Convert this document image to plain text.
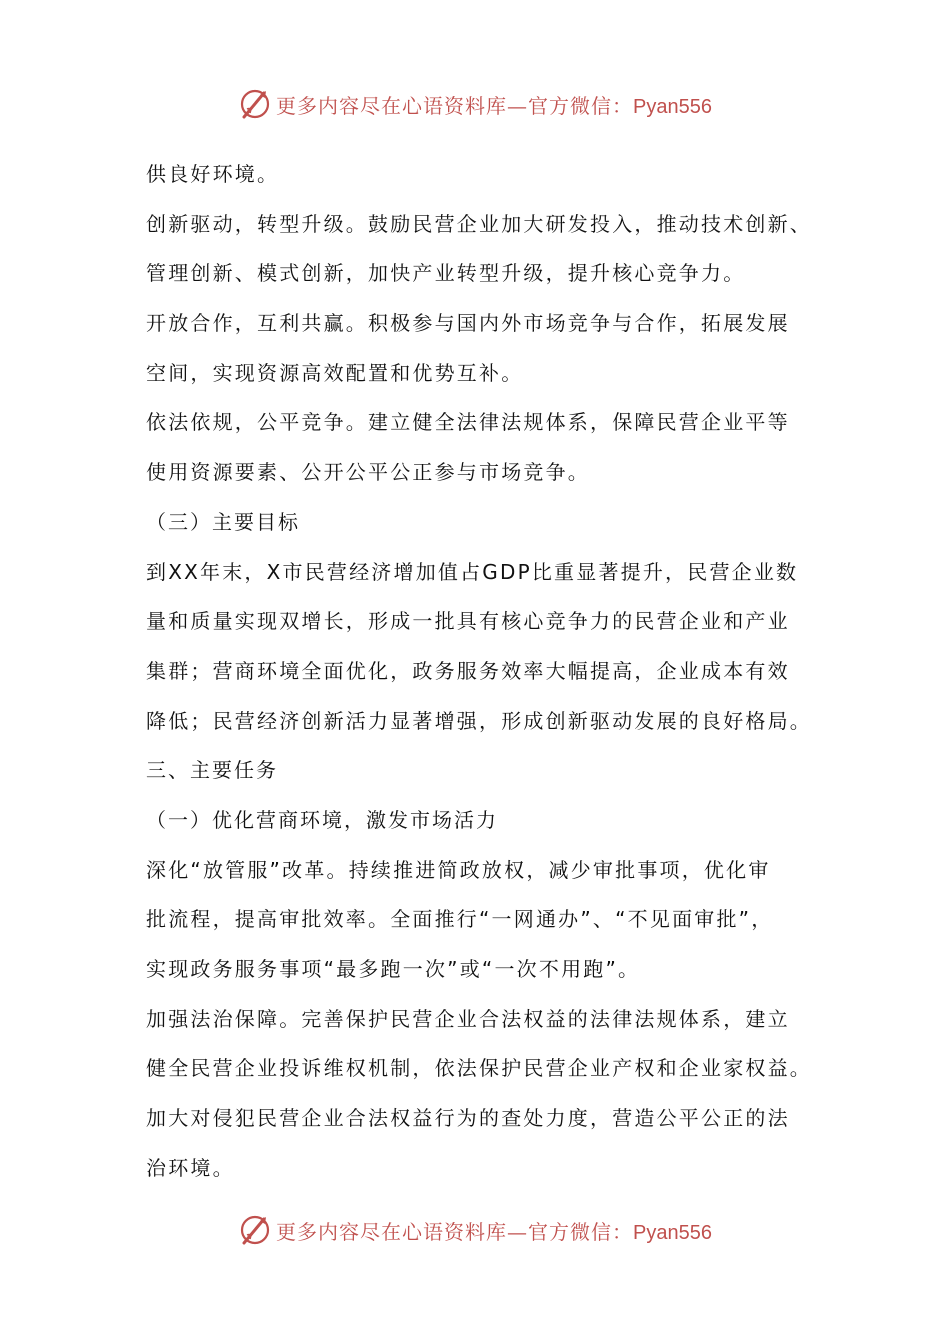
更多内容尽在心语资料库—官方微信：Pyan556
供良好环境。
创新驱动，转型升级。鼓励民营企业加大研发投入，推动技术创新、
管理创新、模式创新，加快产业转型升级，提升核心竞争力。
开放合作，互利共赢。积极参与国内外市场竞争与合作，拓展发展
空间，实现资源高效配置和优势互补。
依法依规，公平竞争。建立健全法律法规体系，保障民营企业平等
使用资源要素、公开公平公正参与市场竞争。
（三）主要目标
到XX年末，X市民营经济增加值占GDP比重显著提升，民营企业数
量和质量实现双增长，形成一批具有核心竞争力的民营企业和产业
集群；营商环境全面优化，政务服务效率大幅提高，企业成本有效
降低；民营经济创新活力显著增强，形成创新驱动发展的良好格局。
三、主要任务
（一）优化营商环境，激发市场活力
深化“放管服”改革。持续推进简政放权，减少审批事项，优化审
批流程，提高审批效率。全面推行“一网通办”、“不见面审批”，
实现政务服务事项“最多跑一次”或“一次不用跑”。
加强法治保障。完善保护民营企业合法权益的法律法规体系，建立
健全民营企业投诉维权机制，依法保护民营企业产权和企业家权益。
加大对侵犯民营企业合法权益行为的查处力度，营造公平公正的法
治环境。
更多内容尽在心语资料库—官方微信：Pyan556
